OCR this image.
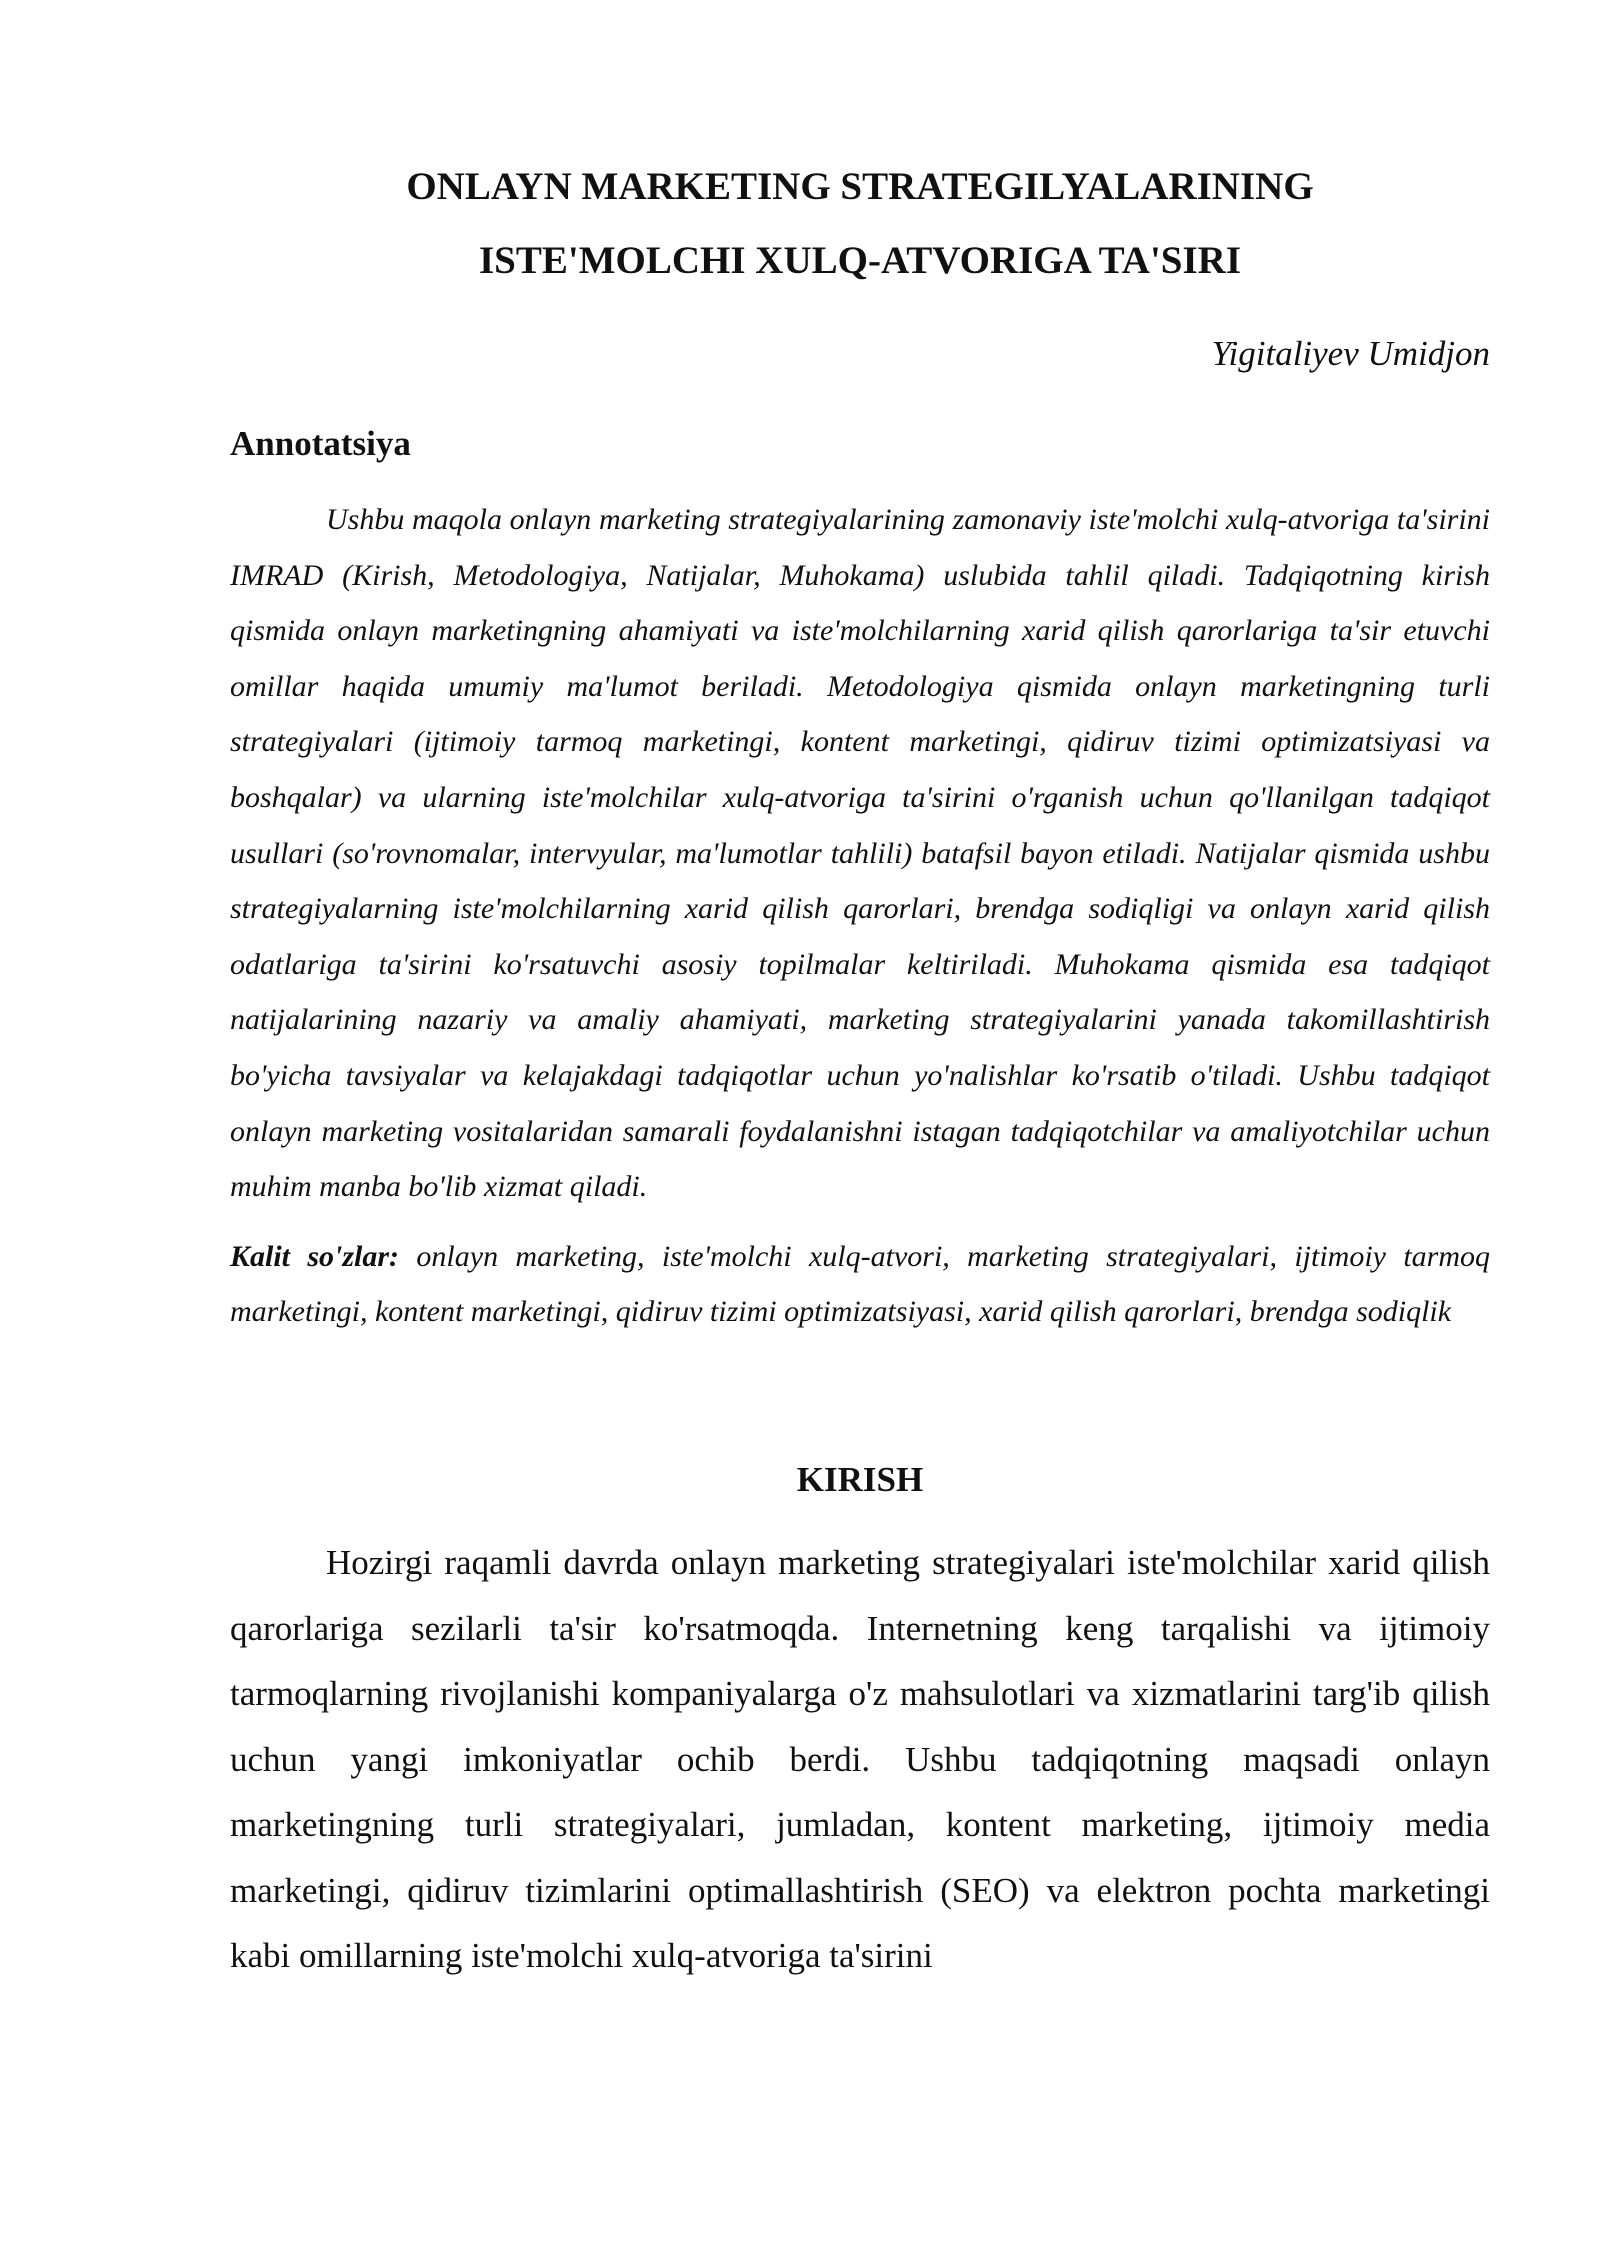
ONLAYN MARKETING STRATEGILYALARINING
ISTE'MOLCHI XULQ-ATVORIGA TA'SIRI
Yigitaliyev Umidjon
Annotatsiya

Ushbu maqola onlayn marketing strategiyalarining zamonaviy iste'molchi xulq-atvoriga ta'sirini IMRAD (Kirish, Metodologiya, Natijalar, Muhokama) uslubida tahlil qiladi. Tadqiqotning kirish qismida onlayn marketingning ahamiyati va iste'molchilarning xarid qilish qarorlariga ta'sir etuvchi omillar haqida umumiy ma'lumot beriladi. Metodologiya qismida onlayn marketingning turli strategiyalari (ijtimoiy tarmoq marketingi, kontent marketingi, qidiruv tizimi optimizatsiyasi va boshqalar) va ularning iste'molchilar xulq-atvoriga ta'sirini o'rganish uchun qo'llanilgan tadqiqot usullari (so'rovnomalar, intervyular, ma'lumotlar tahlili) batafsil bayon etiladi. Natijalar qismida ushbu strategiyalarning iste'molchilarning xarid qilish qarorlari, brendga sodiqligi va onlayn xarid qilish odatlariga ta'sirini ko'rsatuvchi asosiy topilmalar keltiriladi. Muhokama qismida esa tadqiqot natijalarining nazariy va amaliy ahamiyati, marketing strategiyalarini yanada takomillashtirish bo'yicha tavsiyalar va kelajakdagi tadqiqotlar uchun yo'nalishlar ko'rsatib o'tiladi. Ushbu tadqiqot onlayn marketing vositalaridan samarali foydalanishni istagan tadqiqotchilar va amaliyotchilar uchun muhim manba bo'lib xizmat qiladi.

Kalit so'zlar: onlayn marketing, iste'molchi xulq-atvori, marketing strategiyalari, ijtimoiy tarmoq marketingi, kontent marketingi, qidiruv tizimi optimizatsiyasi, xarid qilish qarorlari, brendga sodiqlik

KIRISH

Hozirgi raqamli davrda onlayn marketing strategiyalari iste'molchilar xarid qilish qarorlariga sezilarli ta'sir ko'rsatmoqda. Internetning keng tarqalishi va ijtimoiy tarmoqlarning rivojlanishi kompaniyalarga o'z mahsulotlari va xizmatlarini targ'ib qilish uchun yangi imkoniyatlar ochib berdi. Ushbu tadqiqotning maqsadi onlayn marketingning turli strategiyalari, jumladan, kontent marketing, ijtimoiy media marketingi, qidiruv tizimlarini optimallashtirish (SEO) va elektron pochta marketingi kabi omillarning iste'molchi xulq-atvoriga ta'sirini
